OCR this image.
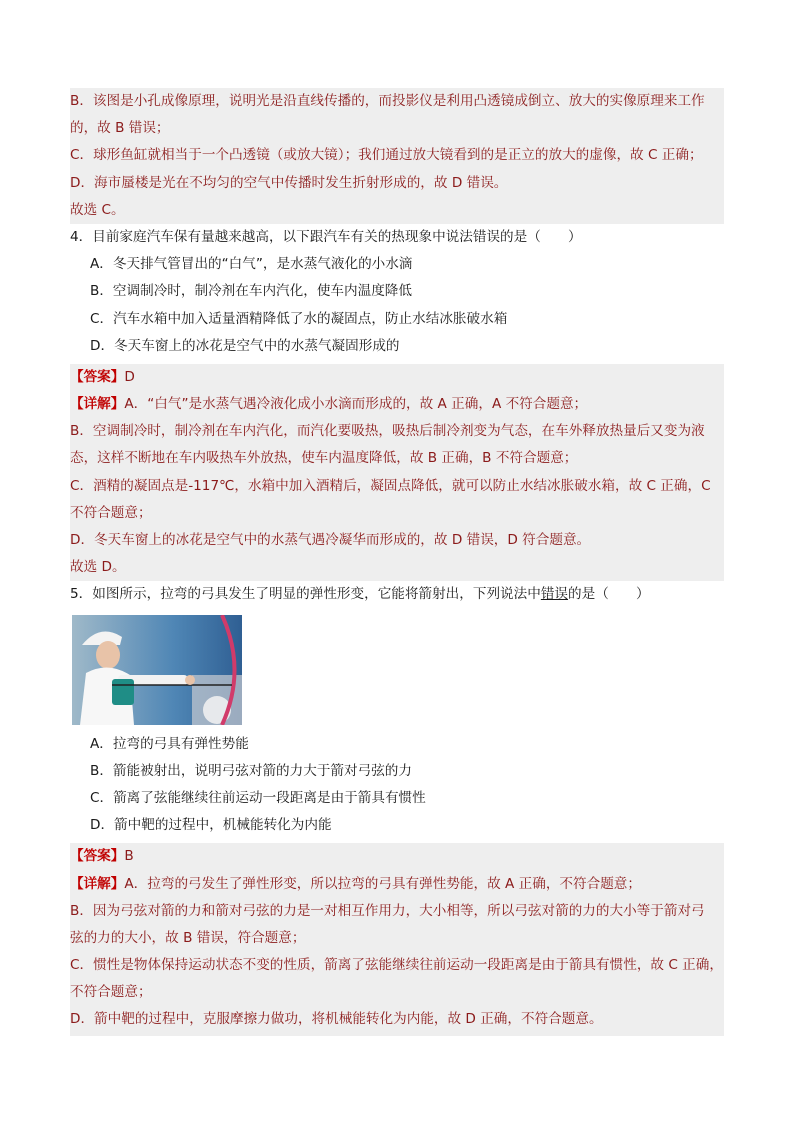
B．该图是小孔成像原理，说明光是沿直线传播的，而投影仪是利用凸透镜成倒立、放大的实像原理来工作
的，故 B 错误；
C．球形鱼缸就相当于一个凸透镜（或放大镜）；我们通过放大镜看到的是正立的放大的虚像，故 C 正确；
D．海市蜃楼是光在不均匀的空气中传播时发生折射形成的，故 D 错误。
故选 C。
4．目前家庭汽车保有量越来越高，以下跟汽车有关的热现象中说法错误的是（　　）
A．冬天排气管冒出的“白气”，是水蒸气液化的小水滴
B．空调制冷时，制冷剂在车内汽化，使车内温度降低
C．汽车水箱中加入适量酒精降低了水的凝固点，防止水结冰胀破水箱
D．冬天车窗上的冰花是空气中的水蒸气凝固形成的
【答案】D
【详解】A．“白气”是水蒸气遇冷液化成小水滴而形成的，故 A 正确，A 不符合题意；
B．空调制冷时，制冷剂在车内汽化，而汽化要吸热，吸热后制冷剂变为气态，在车外释放热量后又变为液
态，这样不断地在车内吸热车外放热，使车内温度降低，故 B 正确，B 不符合题意；
C．酒精的凝固点是-117℃，水箱中加入酒精后，凝固点降低，就可以防止水结冰胀破水箱，故 C 正确，C
不符合题意；
D．冬天车窗上的冰花是空气中的水蒸气遇冷凝华而形成的，故 D 错误，D 符合题意。
故选 D。
5．如图所示，拉弯的弓具发生了明显的弹性形变，它能将箭射出，下列说法中错误的是（　　）
A．拉弯的弓具有弹性势能
B．箭能被射出，说明弓弦对箭的力大于箭对弓弦的力
C．箭离了弦能继续往前运动一段距离是由于箭具有惯性
D．箭中靶的过程中，机械能转化为内能
【答案】B
【详解】A．拉弯的弓发生了弹性形变，所以拉弯的弓具有弹性势能，故 A 正确，不符合题意；
B．因为弓弦对箭的力和箭对弓弦的力是一对相互作用力，大小相等，所以弓弦对箭的力的大小等于箭对弓
弦的力的大小，故 B 错误，符合题意；
C．惯性是物体保持运动状态不变的性质，箭离了弦能继续往前运动一段距离是由于箭具有惯性，故 C 正确，
不符合题意；
D．箭中靶的过程中，克服摩擦力做功，将机械能转化为内能，故 D 正确，不符合题意。
